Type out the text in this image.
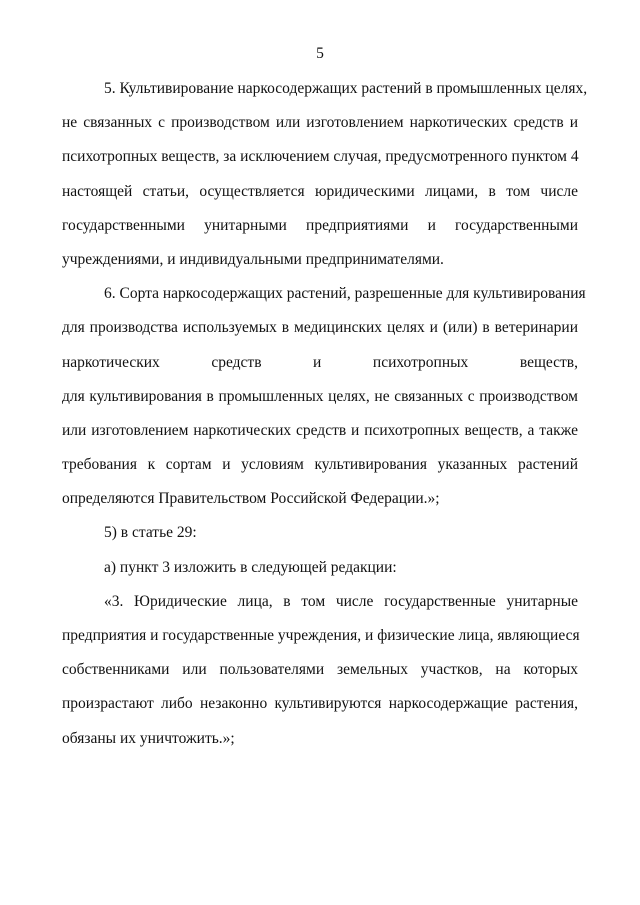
5
5. Культивирование наркосодержащих растений в промышленных целях,
не связанных с производством или изготовлением наркотических средств и
психотропных веществ, за исключением случая, предусмотренного пунктом 4
настоящей статьи, осуществляется юридическими лицами, в том числе
государственными унитарными предприятиями и государственными
учреждениями, и индивидуальными предпринимателями.
6. Сорта наркосодержащих растений, разрешенные для культивирования
для производства используемых в медицинских целях и (или) в ветеринарии
наркотических средств и психотропных веществ,
для культивирования в промышленных целях, не связанных с производством
или изготовлением наркотических средств и психотропных веществ, а также
требования к сортам и условиям культивирования указанных растений
определяются Правительством Российской Федерации.»;
5) в статье 29:
а) пункт 3 изложить в следующей редакции:
«3. Юридические лица, в том числе государственные унитарные
предприятия и государственные учреждения, и физические лица, являющиеся
собственниками или пользователями земельных участков, на которых
произрастают либо незаконно культивируются наркосодержащие растения,
обязаны их уничтожить.»;
